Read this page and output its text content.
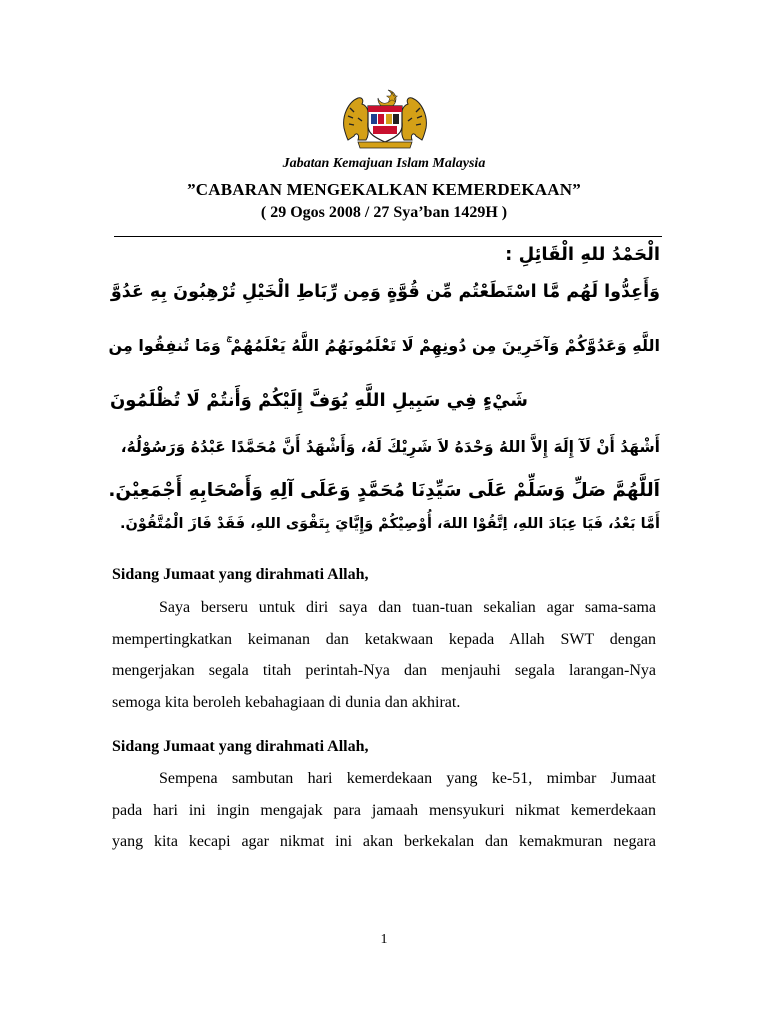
Jabatan Kemajuan Islam Malaysia
”CABARAN MENGEKALKAN KEMERDEKAAN”
( 29 Ogos 2008 / 27 Sya’ban 1429H )
الْحَمْدُ للهِ الْقَائِلِ :
وَأَعِدُّوا لَهُم مَّا اسْتَطَعْتُم مِّن قُوَّةٍ وَمِن رِّبَاطِ الْخَيْلِ تُرْهِبُونَ بِهِ عَدُوَّ
اللَّهِ وَعَدُوَّكُمْ وَآخَرِينَ مِن دُونِهِمْ لَا تَعْلَمُونَهُمُ اللَّهُ يَعْلَمُهُمْ ۚ وَمَا تُنفِقُوا مِن
شَيْءٍ فِي سَبِيلِ اللَّهِ يُوَفَّ إِلَيْكُمْ وَأَنتُمْ لَا تُظْلَمُونَ
أَشْهَدُ أَنْ لَآ إِلَهَ إِلاَّ اللهُ وَحْدَهُ لاَ شَرِيْكَ لَهُ، وَأَشْهَدُ أَنَّ مُحَمَّدًا عَبْدُهُ وَرَسُوْلُهُ،
اَللَّهُمَّ صَلِّ وَسَلِّمْ عَلَى سَيِّدِنَا مُحَمَّدٍ وَعَلَى آلِهِ وَأَصْحَابِهِ أَجْمَعِيْنَ.
أَمَّا بَعْدُ، فَيَا عِبَادَ اللهِ، اِتَّقُوْا اللهَ، أُوْصِيْكُمْ وَإِيَّايَ بِتَقْوَى اللهِ، فَقَدْ فَازَ الْمُتَّقُوْنَ.
Sidang Jumaat yang dirahmati Allah,
Saya berseru untuk diri saya dan tuan-tuan sekalian agar sama-sama
mempertingkatkan keimanan dan ketakwaan kepada Allah SWT dengan
mengerjakan segala titah perintah-Nya dan menjauhi segala larangan-Nya
semoga kita beroleh kebahagiaan di dunia dan akhirat.
Sidang Jumaat yang dirahmati Allah,
Sempena sambutan hari kemerdekaan yang ke-51, mimbar Jumaat
pada hari ini ingin mengajak para jamaah mensyukuri nikmat kemerdekaan
yang kita kecapi agar nikmat ini akan berkekalan dan kemakmuran negara
1
